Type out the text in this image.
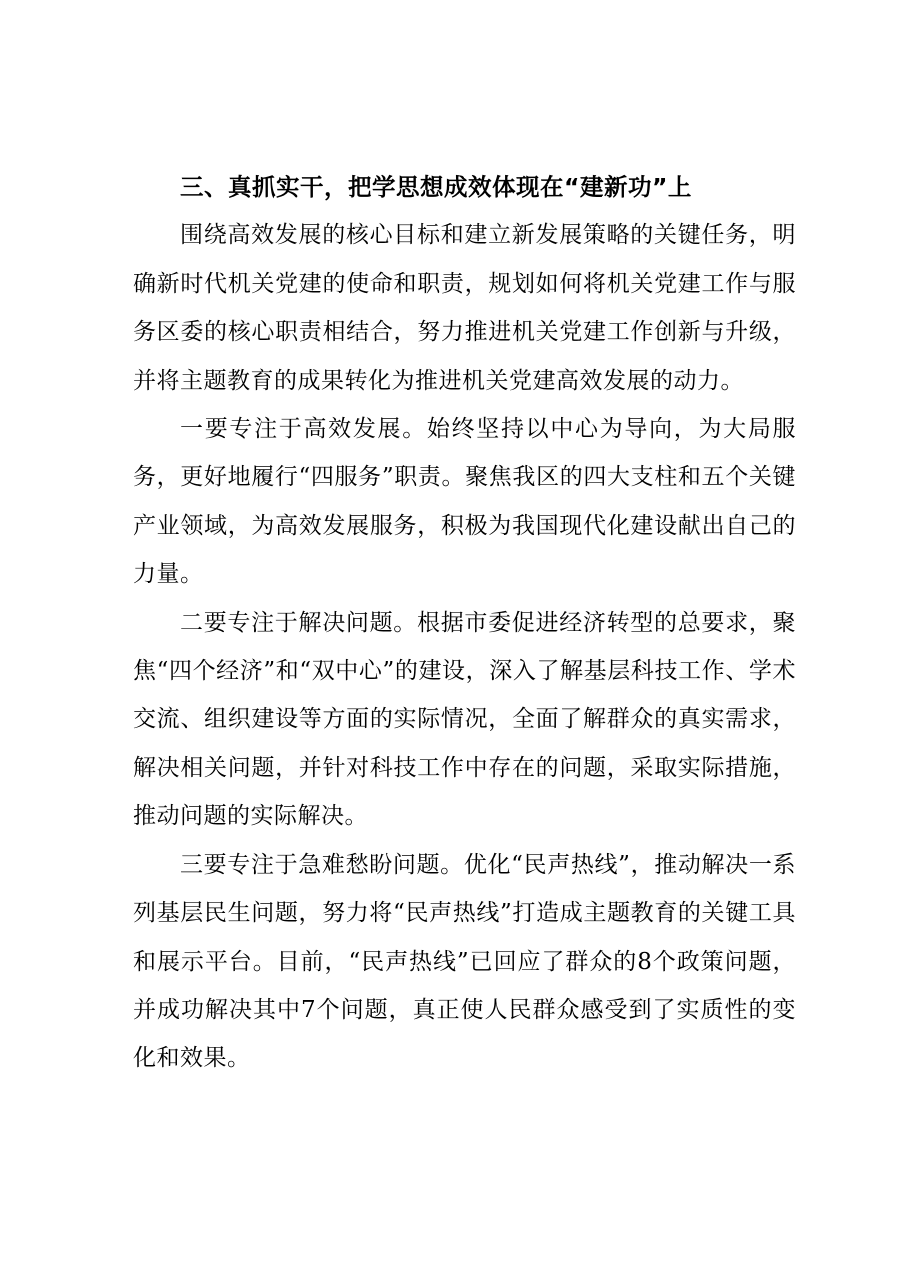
三、真抓实干，把学思想成效体现在“建新功”上

围绕高效发展的核心目标和建立新发展策略的关键任务，明确新时代机关党建的使命和职责，规划如何将机关党建工作与服务区委的核心职责相结合，努力推进机关党建工作创新与升级，并将主题教育的成果转化为推进机关党建高效发展的动力。

一要专注于高效发展。始终坚持以中心为导向，为大局服务，更好地履行“四服务”职责。聚焦我区的四大支柱和五个关键产业领域，为高效发展服务，积极为我国现代化建设献出自己的力量。

二要专注于解决问题。根据市委促进经济转型的总要求，聚焦“四个经济”和“双中心”的建设，深入了解基层科技工作、学术交流、组织建设等方面的实际情况，全面了解群众的真实需求，解决相关问题，并针对科技工作中存在的问题，采取实际措施，推动问题的实际解决。

三要专注于急难愁盼问题。优化“民声热线”，推动解决一系列基层民生问题，努力将“民声热线”打造成主题教育的关键工具和展示平台。目前，“民声热线”已回应了群众的8个政策问题，并成功解决其中7个问题，真正使人民群众感受到了实质性的变化和效果。
